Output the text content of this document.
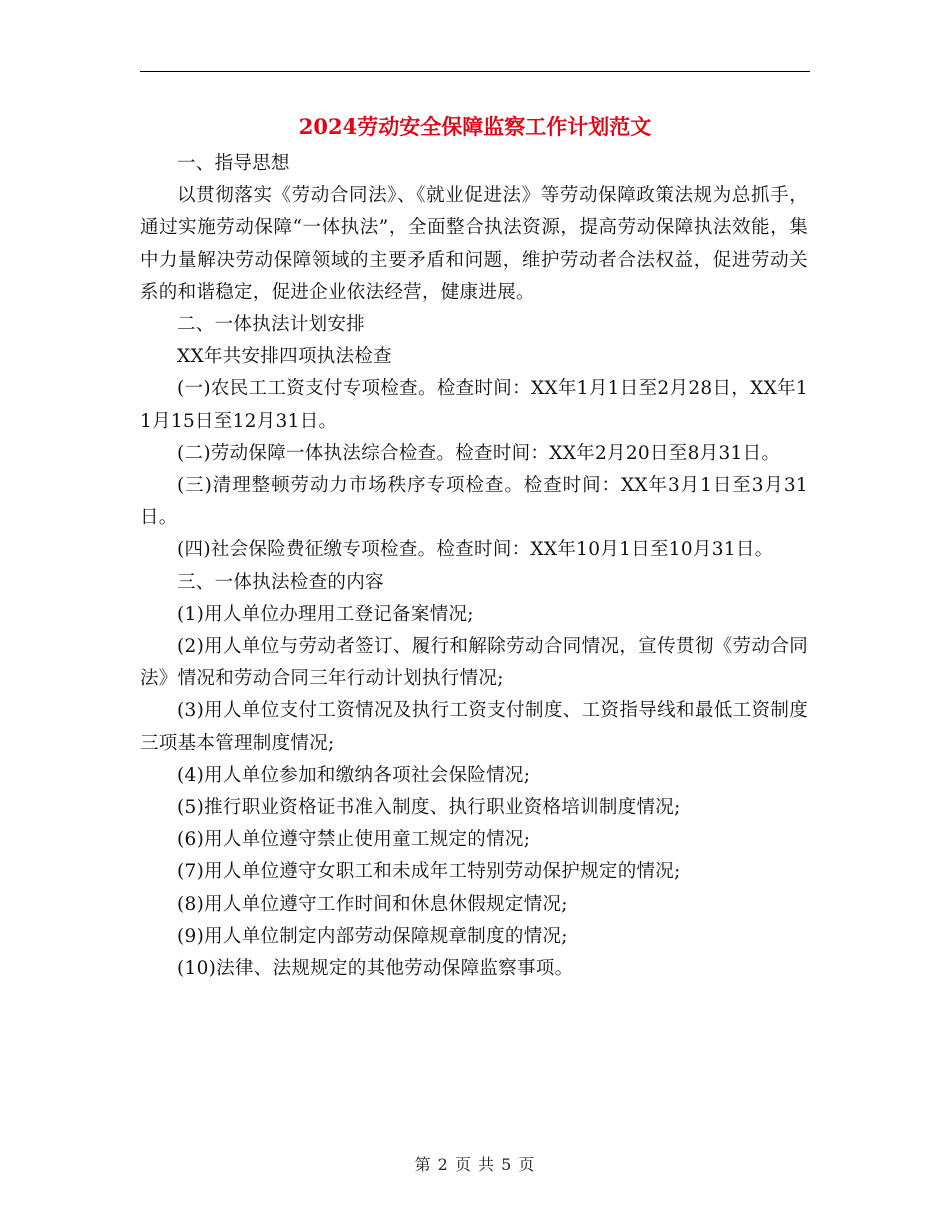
2024劳动安全保障监察工作计划范文

一、指导思想

以贯彻落实《劳动合同法》、《就业促进法》等劳动保障政策法规为总抓手，通过实施劳动保障“一体执法”，全面整合执法资源，提高劳动保障执法效能，集中力量解决劳动保障领域的主要矛盾和问题，维护劳动者合法权益，促进劳动关系的和谐稳定，促进企业依法经营，健康进展。

二、一体执法计划安排

XX年共安排四项执法检查

(一)农民工工资支付专项检查。检查时间：XX年1月1日至2月28日，XX年11月15日至12月31日。

(二)劳动保障一体执法综合检查。检查时间：XX年2月20日至8月31日。

(三)清理整顿劳动力市场秩序专项检查。检查时间：XX年3月1日至3月31日。

(四)社会保险费征缴专项检查。检查时间：XX年10月1日至10月31日。

三、一体执法检查的内容

(1)用人单位办理用工登记备案情况;

(2)用人单位与劳动者签订、履行和解除劳动合同情况，宣传贯彻《劳动合同法》情况和劳动合同三年行动计划执行情况;

(3)用人单位支付工资情况及执行工资支付制度、工资指导线和最低工资制度三项基本管理制度情况;

(4)用人单位参加和缴纳各项社会保险情况;

(5)推行职业资格证书准入制度、执行职业资格培训制度情况;

(6)用人单位遵守禁止使用童工规定的情况;

(7)用人单位遵守女职工和未成年工特别劳动保护规定的情况;

(8)用人单位遵守工作时间和休息休假规定情况;

(9)用人单位制定内部劳动保障规章制度的情况;

(10)法律、法规规定的其他劳动保障监察事项。

第 2 页 共 5 页
